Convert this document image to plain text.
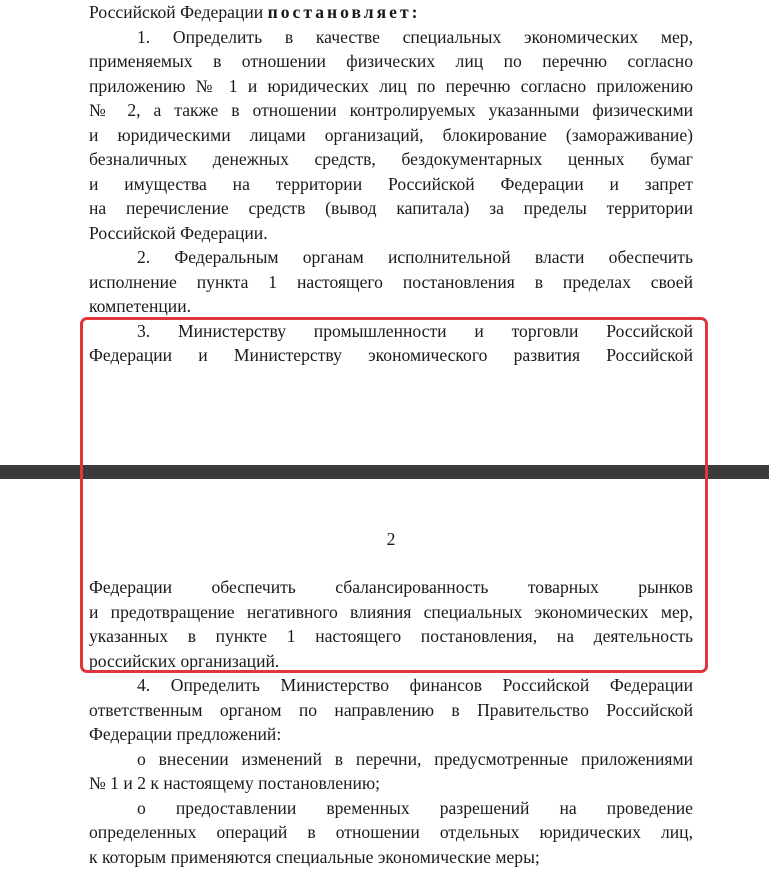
Российской Федерации постановляет:
1. Определить в качестве специальных экономических мер,
применяемых в отношении физических лиц по перечню согласно
приложению № 1 и юридических лиц по перечню согласно приложению
№ 2, а также в отношении контролируемых указанными физическими
и юридическими лицами организаций, блокирование (замораживание)
безналичных денежных средств, бездокументарных ценных бумаг
и имущества на территории Российской Федерации и запрет
на перечисление средств (вывод капитала) за пределы территории
Российской Федерации.
2. Федеральным органам исполнительной власти обеспечить
исполнение пункта 1 настоящего постановления в пределах своей
компетенции.
3. Министерству промышленности и торговли Российской
Федерации и Министерству экономического развития Российской
2
Федерации обеспечить сбалансированность товарных рынков
и предотвращение негативного влияния специальных экономических мер,
указанных в пункте 1 настоящего постановления, на деятельность
российских организаций.
4. Определить Министерство финансов Российской Федерации
ответственным органом по направлению в Правительство Российской
Федерации предложений:
о внесении изменений в перечни, предусмотренные приложениями
№ 1 и 2 к настоящему постановлению;
о предоставлении временных разрешений на проведение
определенных операций в отношении отдельных юридических лиц,
к которым применяются специальные экономические меры;
